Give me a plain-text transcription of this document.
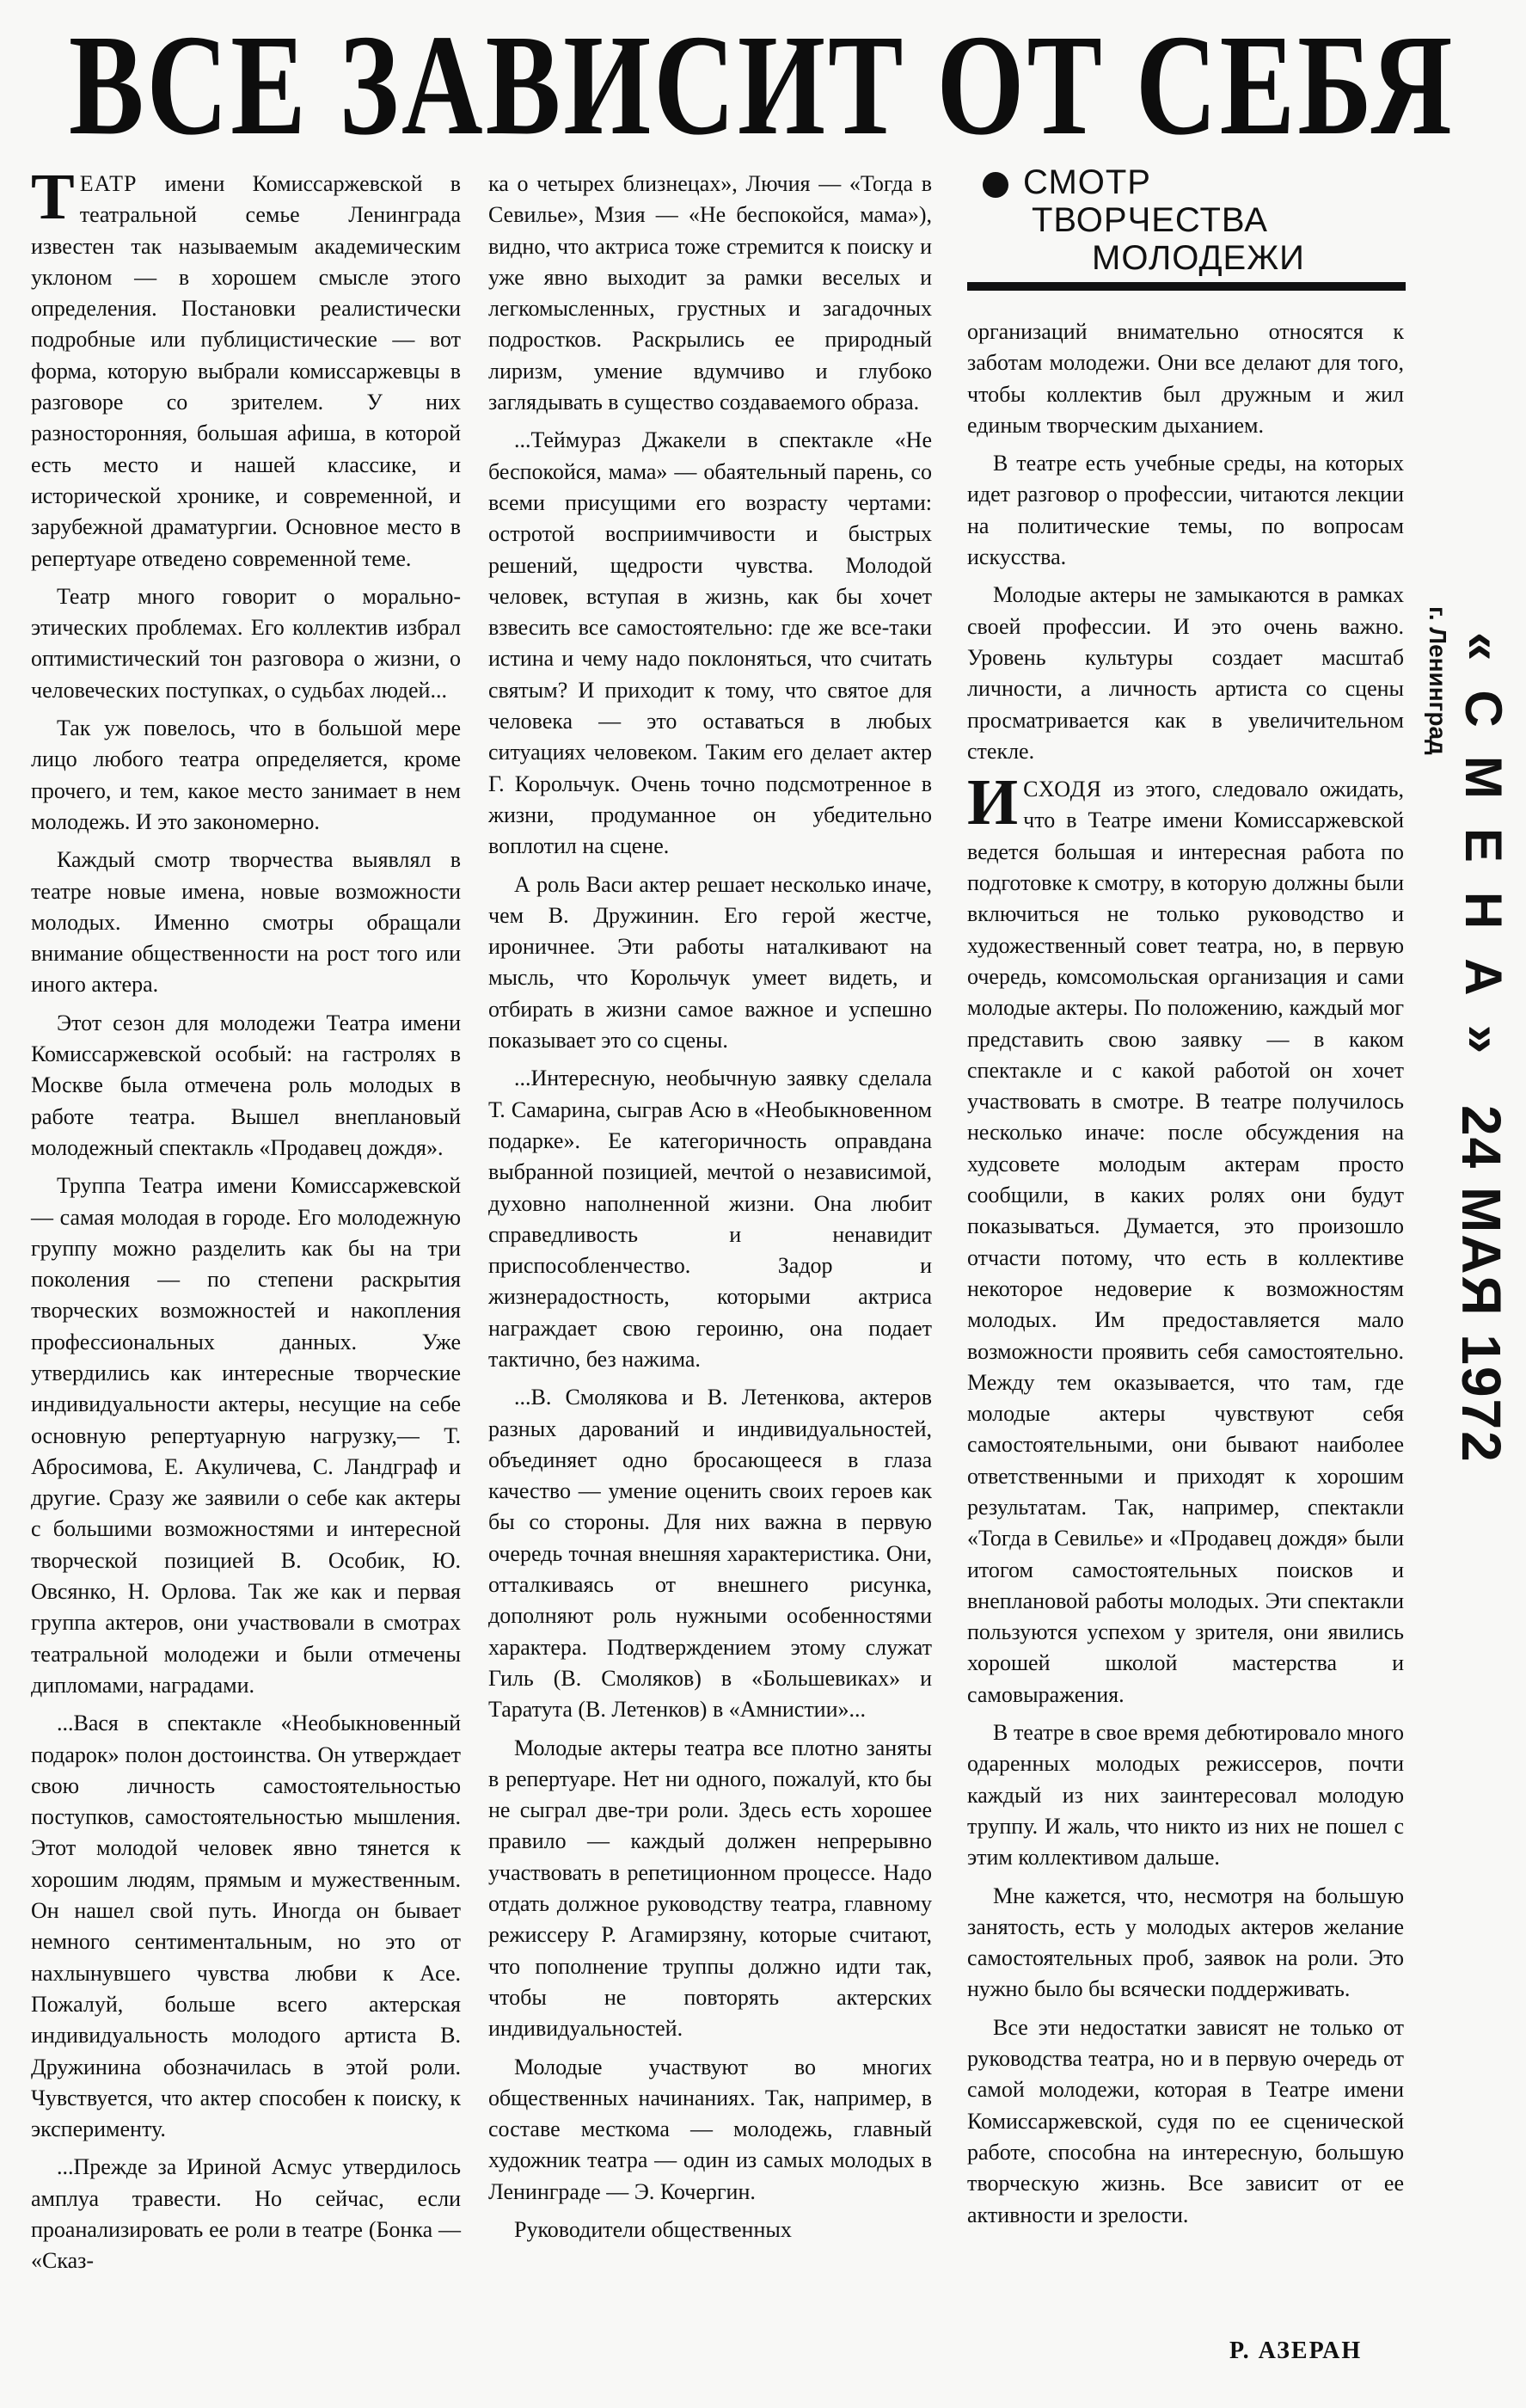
ВСЕ ЗАВИСИТ ОТ СЕБЯ

ТЕАТР имени Комиссаржевской в театральной семье Ленинграда известен так называемым академическим уклоном — в хорошем смысле этого определения. Постановки реалистически подробные или публицистические — вот форма, которую выбрали комиссаржевцы в разговоре со зрителем. У них разносторонняя, большая афиша, в которой есть место и нашей классике, и исторической хронике, и современной, и зарубежной драматургии. Основное место в репертуаре отведено современной теме.

Театр много говорит о морально-этических проблемах. Его коллектив избрал оптимистический тон разговора о жизни, о человеческих поступках, о судьбах людей...

Так уж повелось, что в большой мере лицо любого театра определяется, кроме прочего, и тем, какое место занимает в нем молодежь. И это закономерно.

Каждый смотр творчества выявлял в театре новые имена, новые возможности молодых. Именно смотры обращали внимание общественности на рост того или иного актера.

Этот сезон для молодежи Театра имени Комиссаржевской особый: на гастролях в Москве была отмечена роль молодых в работе театра. Вышел внеплановый молодежный спектакль «Продавец дождя».

Труппа Театра имени Комиссаржевской — самая молодая в городе. Его молодежную группу можно разделить как бы на три поколения — по степени раскрытия творческих возможностей и накопления профессиональных данных. Уже утвердились как интересные творческие индивидуальности актеры, несущие на себе основную репертуарную нагрузку,— Т. Абросимова, Е. Акуличева, С. Ландграф и другие. Сразу же заявили о себе как актеры с большими возможностями и интересной творческой позицией В. Особик, Ю. Овсянко, Н. Орлова. Так же как и первая группа актеров, они участвовали в смотрах театральной молодежи и были отмечены дипломами, наградами.

...Вася в спектакле «Необыкновенный подарок» полон достоинства. Он утверждает свою личность самостоятельностью поступков, самостоятельностью мышления. Этот молодой человек явно тянется к хорошим людям, прямым и мужественным. Он нашел свой путь. Иногда он бывает немного сентиментальным, но это от нахлынувшего чувства любви к Асе. Пожалуй, больше всего актерская индивидуальность молодого артиста В. Дружинина обозначилась в этой роли. Чувствуется, что актер способен к поиску, к эксперименту.

...Прежде за Ириной Асмус утвердилось амплуа травести. Но сейчас, если проанализировать ее роли в театре (Бонка — «Сказ-

ка о четырех близнецах», Лючия — «Тогда в Севилье», Мзия — «Не беспокойся, мама»), видно, что актриса тоже стремится к поиску и уже явно выходит за рамки веселых и легкомысленных, грустных и загадочных подростков. Раскрылись ее природный лиризм, умение вдумчиво и глубоко заглядывать в существо создаваемого образа.

...Теймураз Джакели в спектакле «Не беспокойся, мама» — обаятельный парень, со всеми присущими его возрасту чертами: остротой восприимчивости и быстрых решений, щедрости чувства. Молодой человек, вступая в жизнь, как бы хочет взвесить все самостоятельно: где же все-таки истина и чему надо поклоняться, что считать святым? И приходит к тому, что святое для человека — это оставаться в любых ситуациях человеком. Таким его делает актер Г. Корольчук. Очень точно подсмотренное в жизни, продуманное он убедительно воплотил на сцене.

А роль Васи актер решает несколько иначе, чем В. Дружинин. Его герой жестче, ироничнее. Эти работы наталкивают на мысль, что Корольчук умеет видеть, и отбирать в жизни самое важное и успешно показывает это со сцены.

...Интересную, необычную заявку сделала Т. Самарина, сыграв Асю в «Необыкновенном подарке». Ее категоричность оправдана выбранной позицией, мечтой о независимой, духовно наполненной жизни. Она любит справедливость и ненавидит приспособленчество. Задор и жизнерадостность, которыми актриса награждает свою героиню, она подает тактично, без нажима.

...В. Смолякова и В. Летенкова, актеров разных дарований и индивидуальностей, объединяет одно бросающееся в глаза качество — умение оценить своих героев как бы со стороны. Для них важна в первую очередь точная внешняя характеристика. Они, отталкиваясь от внешнего рисунка, дополняют роль нужными особенностями характера. Подтверждением этому служат Гиль (В. Смоляков) в «Большевиках» и Таратута (В. Летенков) в «Амнистии»...

Молодые актеры театра все плотно заняты в репертуаре. Нет ни одного, пожалуй, кто бы не сыграл две-три роли. Здесь есть хорошее правило — каждый должен непрерывно участвовать в репетиционном процессе. Надо отдать должное руководству театра, главному режиссеру Р. Агамирзяну, которые считают, что пополнение труппы должно идти так, чтобы не повторять актерских индивидуальностей.

Молодые участвуют во многих общественных начинаниях. Так, например, в составе месткома — молодежь, главный художник театра — один из самых молодых в Ленинграде — Э. Кочергин.

Руководители общественных

СМОТР
ТВОРЧЕСТВА
МОЛОДЕЖИ

организаций внимательно относятся к заботам молодежи. Они все делают для того, чтобы коллектив был дружным и жил единым творческим дыханием.

В театре есть учебные среды, на которых идет разговор о профессии, читаются лекции на политические темы, по вопросам искусства.

Молодые актеры не замыкаются в рамках своей профессии. И это очень важно. Уровень культуры создает масштаб личности, а личность артиста со сцены просматривается как в увеличительном стекле.

ИСХОДЯ из этого, следовало ожидать, что в Театре имени Комиссаржевской ведется большая и интересная работа по подготовке к смотру, в которую должны были включиться не только руководство и художественный совет театра, но, в первую очередь, комсомольская организация и сами молодые актеры. По положению, каждый мог представить свою заявку — в каком спектакле и с какой работой он хочет участвовать в смотре. В театре получилось несколько иначе: после обсуждения на худсовете молодым актерам просто сообщили, в каких ролях они будут показываться. Думается, это произошло отчасти потому, что есть в коллективе некоторое недоверие к возможностям молодых. Им предоставляется мало возможности проявить себя самостоятельно. Между тем оказывается, что там, где молодые актеры чувствуют себя самостоятельными, они бывают наиболее ответственными и приходят к хорошим результатам. Так, например, спектакли «Тогда в Севилье» и «Продавец дождя» были итогом самостоятельных поисков и внеплановой работы молодых. Эти спектакли пользуются успехом у зрителя, они явились хорошей школой мастерства и самовыражения.

В театре в свое время дебютировало много одаренных молодых режиссеров, почти каждый из них заинтересовал молодую труппу. И жаль, что никто из них не пошел с этим коллективом дальше.

Мне кажется, что, несмотря на большую занятость, есть у молодых актеров желание самостоятельных проб, заявок на роли. Это нужно было бы всячески поддерживать.

Все эти недостатки зависят не только от руководства театра, но и в первую очередь от самой молодежи, которая в Театре имени Комиссаржевской, судя по ее сценической работе, способна на интересную, большую творческую жизнь. Все зависит от ее активности и зрелости.

Р. АЗЕРАН
«СМЕНА»
г. Ленинград
24 МАЯ 1972
